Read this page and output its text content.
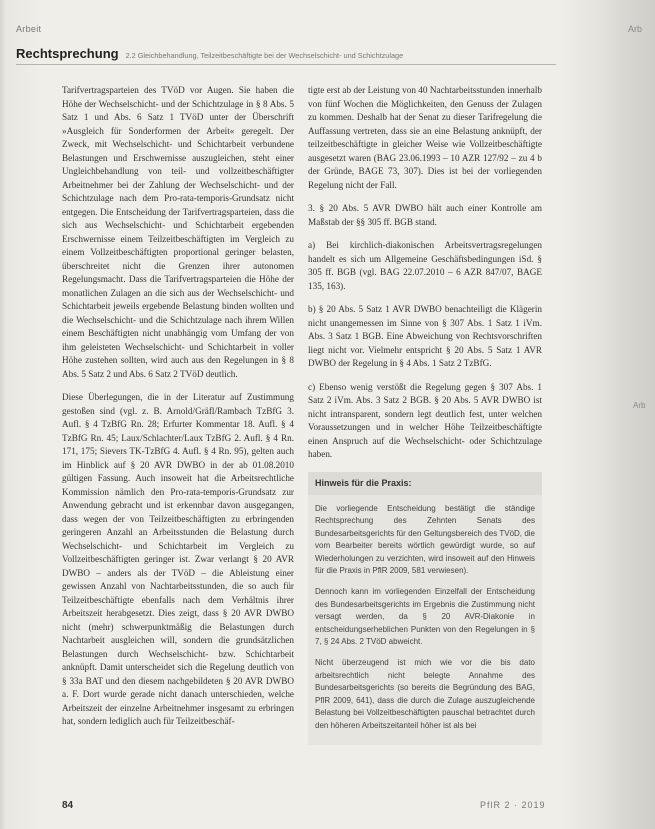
Arbeit	Arb
Rechtsprechung 2.2 Gleichbehandlung, Teilzeitbeschäftigte bei der Wechselschicht- und Schichtzulage

Tarifvertragsparteien des TVöD vor Augen. Sie haben die Höhe der Wechselschicht- und der Schichtzulage in § 8 Abs. 5 Satz 1 und Abs. 6 Satz 1 TVöD unter der Überschrift »Ausgleich für Sonderformen der Arbeit« geregelt. Der Zweck, mit Wechselschicht- und Schichtarbeit verbundene Belastungen und Erschwernisse auszugleichen, steht einer Ungleichbehandlung von teil- und vollzeitbeschäftigter Arbeitnehmer bei der Zahlung der Wechselschicht- und der Schichtzulage nach dem Pro-rata-temporis-Grundsatz nicht entgegen. Die Entscheidung der Tarifvertragsparteien, dass die sich aus Wechselschicht- und Schichtarbeit ergebenden Erschwernisse einem Teilzeitbeschäftigten im Vergleich zu einem Vollzeitbeschäftigten proportional geringer belasten, überschreitet nicht die Grenzen ihrer autonomen Regelungsmacht. Dass die Tarifvertragsparteien die Höhe der monatlichen Zulagen an die sich aus der Wechselschicht- und Schichtarbeit jeweils ergebende Belastung binden wollten und die Wechselschicht- und die Schichtzulage nach ihrem Willen einem Beschäftigten nicht unabhängig vom Umfang der von ihm geleisteten Wechselschicht- und Schichtarbeit in voller Höhe zustehen sollten, wird auch aus den Regelungen in § 8 Abs. 5 Satz 2 und Abs. 6 Satz 2 TVöD deutlich.

Diese Überlegungen, die in der Literatur auf Zustimmung gestoßen sind (vgl. z. B. Arnold/Gräfl/Rambach TzBfG 3. Aufl. § 4 TzBfG Rn. 28; Erfurter Kommentar 18. Aufl. § 4 TzBfG Rn. 45; Laux/Schlachter/Laux TzBfG 2. Aufl. § 4 Rn. 171, 175; Sievers TK-TzBfG 4. Aufl. § 4 Rn. 95), gelten auch im Hinblick auf § 20 AVR DWBO in der ab 01.08.2010 gültigen Fassung. Auch insoweit hat die Arbeitsrechtliche Kommission nämlich den Pro-rata-temporis-Grundsatz zur Anwendung gebracht und ist erkennbar davon ausgegangen, dass wegen der von Teilzeitbeschäftigten zu erbringenden geringeren Anzahl an Arbeitsstunden die Belastung durch Wechselschicht- und Schichtarbeit im Vergleich zu Vollzeitbeschäftigten geringer ist. Zwar verlangt § 20 AVR DWBO – anders als der TVöD – die Ableistung einer gewissen Anzahl von Nachtarbeitsstunden, die so auch für Teilzeitbeschäftigte ebenfalls nach dem Verhältnis ihrer Arbeitszeit herabgesetzt. Dies zeigt, dass § 20 AVR DWBO nicht (mehr) schwerpunktmäßig die Belastungen durch Nachtarbeit ausgleichen will, sondern die grundsätzlichen Belastungen durch Wechselschicht- bzw. Schichtarbeit anknüpft. Damit unterscheidet sich die Regelung deutlich von § 33a BAT und den diesem nachgebildeten § 20 AVR DWBO a. F. Dort wurde gerade nicht danach unterschieden, welche Arbeitszeit der einzelne Arbeitnehmer insgesamt zu erbringen hat, sondern lediglich auch für Teilzeitbeschäf-

tigte erst ab der Leistung von 40 Nachtarbeitsstunden innerhalb von fünf Wochen die Möglichkeiten, den Genuss der Zulagen zu kommen. Deshalb hat der Senat zu dieser Tarifregelung die Auffassung vertreten, dass sie an eine Belastung anknüpft, der teilzeitbeschäftigte in gleicher Weise wie Vollzeitbeschäftigte ausgesetzt waren (BAG 23.06.1993 – 10 AZR 127/92 – zu 4 b der Gründe, BAGE 73, 307). Dies ist bei der vorliegenden Regelung nicht der Fall.

3. § 20 Abs. 5 AVR DWBO hält auch einer Kontrolle am Maßstab der §§ 305 ff. BGB stand.

a) Bei kirchlich-diakonischen Arbeitsvertragsregelungen handelt es sich um Allgemeine Geschäftsbedingungen iSd. § 305 ff. BGB (vgl. BAG 22.07.2010 – 6 AZR 847/07, BAGE 135, 163).

b) § 20 Abs. 5 Satz 1 AVR DWBO benachteiligt die Klägerin nicht unangemessen im Sinne von § 307 Abs. 1 Satz 1 iVm. Abs. 3 Satz 1 BGB. Eine Abweichung von Rechtsvorschriften liegt nicht vor. Vielmehr entspricht § 20 Abs. 5 Satz 1 AVR DWBO der Regelung in § 4 Abs. 1 Satz 2 TzBfG.

c) Ebenso wenig verstößt die Regelung gegen § 307 Abs. 1 Satz 2 iVm. Abs. 3 Satz 2 BGB. § 20 Abs. 5 AVR DWBO ist nicht intransparent, sondern legt deutlich fest, unter welchen Voraussetzungen und in welcher Höhe Teilzeitbeschäftigte einen Anspruch auf die Wechselschicht- oder Schichtzulage haben.

Hinweis für die Praxis:

Die vorliegende Entscheidung bestätigt die ständige Rechtsprechung des Zehnten Senats des Bundesarbeitsgerichts für den Geltungsbereich des TVöD, die vom Bearbeiter bereits wörtlich gewürdigt wurde, so auf Wiederholungen zu verzichten, wird insoweit auf den Hinweis für die Praxis in PflR 2009, 581 verwiesen).

Dennoch kann im vorliegenden Einzelfall der Entscheidung des Bundesarbeitsgerichts im Ergebnis die Zustimmung nicht versagt werden, da § 20 AVR-Diakonie in entscheidungserheblichen Punkten von den Regelungen in § 7, § 24 Abs. 2 TVöD abweicht.

Nicht überzeugend ist mich wie vor die bis dato arbeitsrechtlich nicht belegte Annahme des Bundesarbeitsgerichts (so bereits die Begründung des BAG, PflR 2009, 641), dass die durch die Zulage auszugleichende Belastung bei Vollzeitbeschäftigten pauschal betrachtet durch den höheren Arbeitszeitanteil höher ist als bei

Arb
84	PflR 2 · 2019
